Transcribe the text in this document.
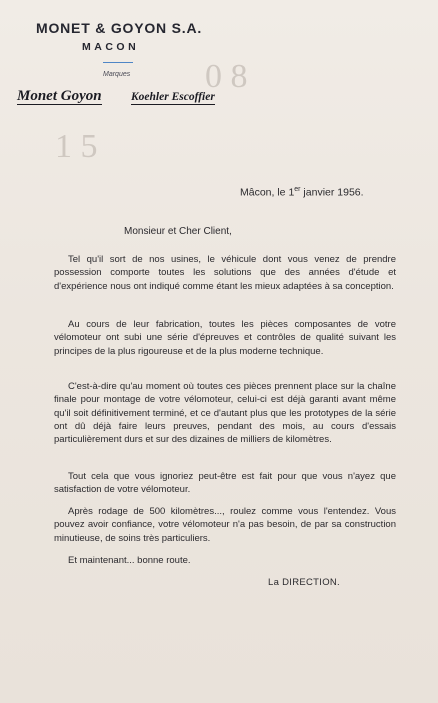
0 8
1 5
MONET & GOYON S.A.
MACON
Marques
Monet Goyon	Koehler Escoffier
Mâcon, le 1er janvier 1956.
Monsieur et Cher Client,

Tel qu'il sort de nos usines, le véhicule dont vous venez de prendre possession comporte toutes les solutions que des années d'étude et d'expérience nous ont indiqué comme étant les mieux adaptées à sa conception.

Au cours de leur fabrication, toutes les pièces composantes de votre vélomoteur ont subi une série d'épreuves et contrôles de qualité suivant les principes de la plus rigoureuse et de la plus moderne technique.

C'est-à-dire qu'au moment où toutes ces pièces prennent place sur la chaîne finale pour montage de votre vélomoteur, celui-ci est déjà garanti avant même qu'il soit définitivement terminé, et ce d'autant plus que les prototypes de la série ont dû déjà faire leurs preuves, pendant des mois, au cours d'essais particulièrement durs et sur des dizaines de milliers de kilomètres.

Tout cela que vous ignoriez peut-être est fait pour que vous n'ayez que satisfaction de votre vélomoteur.

Après rodage de 500 kilomètres..., roulez comme vous l'entendez. Vous pouvez avoir confiance, votre vélomoteur n'a pas besoin, de par sa construction minutieuse, de soins très particuliers.

Et maintenant... bonne route.

La DIRECTION.
